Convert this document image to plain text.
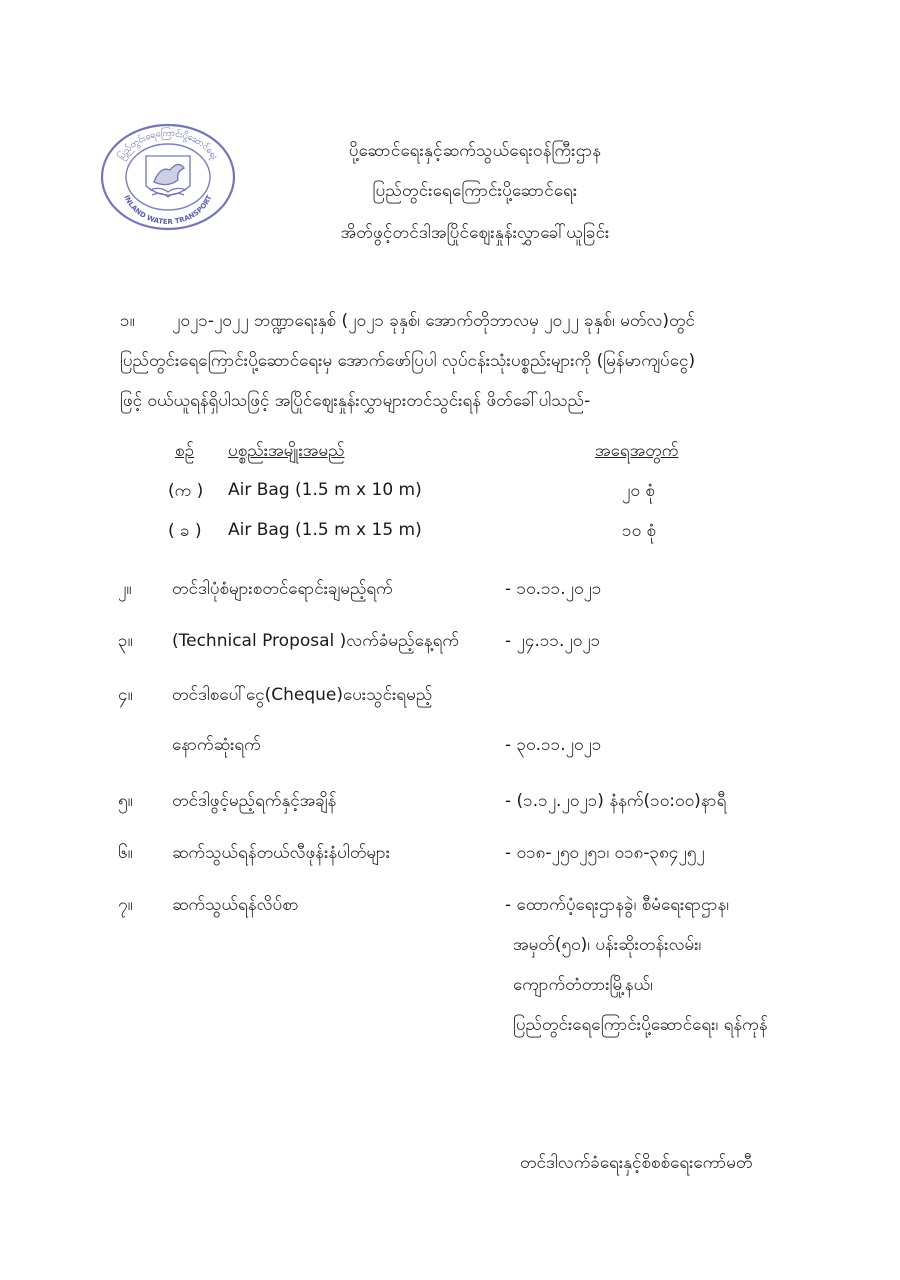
ပြည်တွင်းရေကြောင်းပို့ဆောင်ရေး
INLAND WATER TRANSPORT
ပို့ဆောင်ရေးနှင့်ဆက်သွယ်ရေးဝန်ကြီးဌာန
ပြည်တွင်းရေကြောင်းပို့ဆောင်ရေး
အိတ်ဖွင့်တင်ဒါအပြိုင်ဈေးနှုန်းလွှာခေါ်ယူခြင်း
၁။ ၂၀၂၁-၂၀၂၂ ဘဏ္ဍာရေးနှစ် (၂၀၂၁ ခုနှစ်၊ အောက်တိုဘာလမှ ၂၀၂၂ ခုနှစ်၊ မတ်လ)တွင်
ပြည်တွင်းရေကြောင်းပို့ဆောင်ရေးမှ အောက်ဖော်ပြပါ လုပ်ငန်းသုံးပစ္စည်းများကို (မြန်မာကျပ်ငွေ)
ဖြင့် ဝယ်ယူရန်ရှိပါသဖြင့် အပြိုင်ဈေးနှုန်းလွှာများတင်သွင်းရန် ဖိတ်ခေါ်ပါသည်-
စဉ် ပစ္စည်းအမျိုးအမည်	အရေအတွက်
(က ) Air Bag (1.5 m x 10 m)	၂၀ စုံ
( ခ ) Air Bag (1.5 m x 15 m)	၁၀ စုံ
၂။ တင်ဒါပုံစံများစတင်ရောင်းချမည့်ရက်	- ၁၀.၁၁.၂၀၂၁
၃။ (Technical Proposal )လက်ခံမည့်နေ့ရက်	- ၂၄.၁၁.၂၀၂၁
၄။ တင်ဒါစပေါ်ငွေ(Cheque)ပေးသွင်းရမည့်
နောက်ဆုံးရက်	- ၃၀.၁၁.၂၀၂၁
၅။ တင်ဒါဖွင့်မည့်ရက်နှင့်အချိန်	- (၁.၁၂.၂၀၂၁) နံနက်(၁၀:၀၀)နာရီ
၆။ ဆက်သွယ်ရန်တယ်လီဖုန်းနံပါတ်များ	- ၀၁၈-၂၅၀၂၅၁၊ ၀၁၈-၃၈၄၂၅၂
၇။ ဆက်သွယ်ရန်လိပ်စာ	- ထောက်ပံ့ရေးဌာနခွဲ၊ စီမံရေးရာဌာန၊
အမှတ်(၅၀)၊ ပန်းဆိုးတန်းလမ်း၊
ကျောက်တံတားမြို့နယ်၊
ပြည်တွင်းရေကြောင်းပို့ဆောင်ရေး၊ ရန်ကုန်
တင်ဒါလက်ခံရေးနှင့်စိစစ်ရေးကော်မတီ
